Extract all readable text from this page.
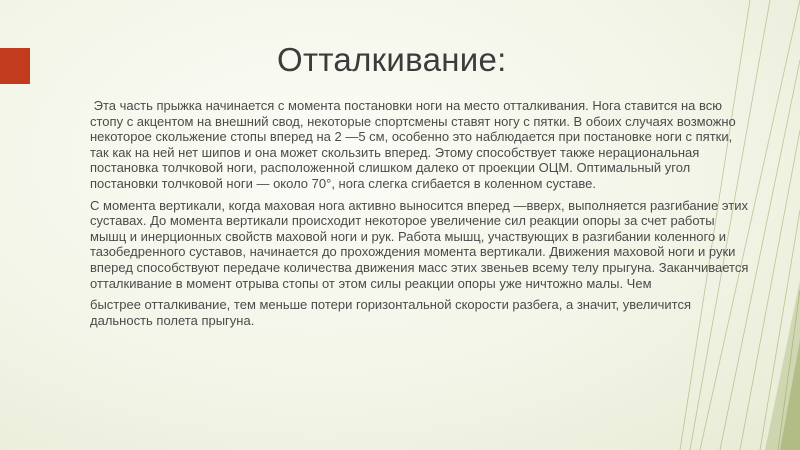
Отталкивание:

Эта часть прыжка начинается с момента постановки ноги на место отталкивания. Нога ставится на всю стопу с акцентом на внешний свод, некоторые спортсмены ставят ногу с пятки. В обоих случаях возможно некоторое скольжение стопы вперед на 2 —5 см, особенно это наблюдается при постановке ноги с пятки, так как на ней нет шипов и она может скользить вперед. Этому способствует также нерациональная постановка толчковой ноги, расположенной слишком далеко от проекции ОЦМ. Оптимальный угол постановки толчковой ноги — около 70°, нога слегка сгибается в коленном суставе.

С момента вертикали, когда маховая нога активно выносится вперед —вверх, выполняется разгибание этих суставах. До момента вертикали происходит некоторое увеличение сил реакции опоры за счет работы мышц и инерционных свойств маховой ноги и рук. Работа мышц, участвующих в разгибании коленного и тазобедренного суставов, начинается до прохождения момента вертикали. Движения маховой ноги и руки вперед способствуют передаче количества движения масс этих звеньев всему телу прыгуна. Заканчивается отталкивание в момент отрыва стопы от этом силы реакции опоры уже ничтожно малы. Чем

быстрее отталкивание, тем меньше потери горизонтальной скорости разбега, а значит, увеличится дальность полета прыгуна.
